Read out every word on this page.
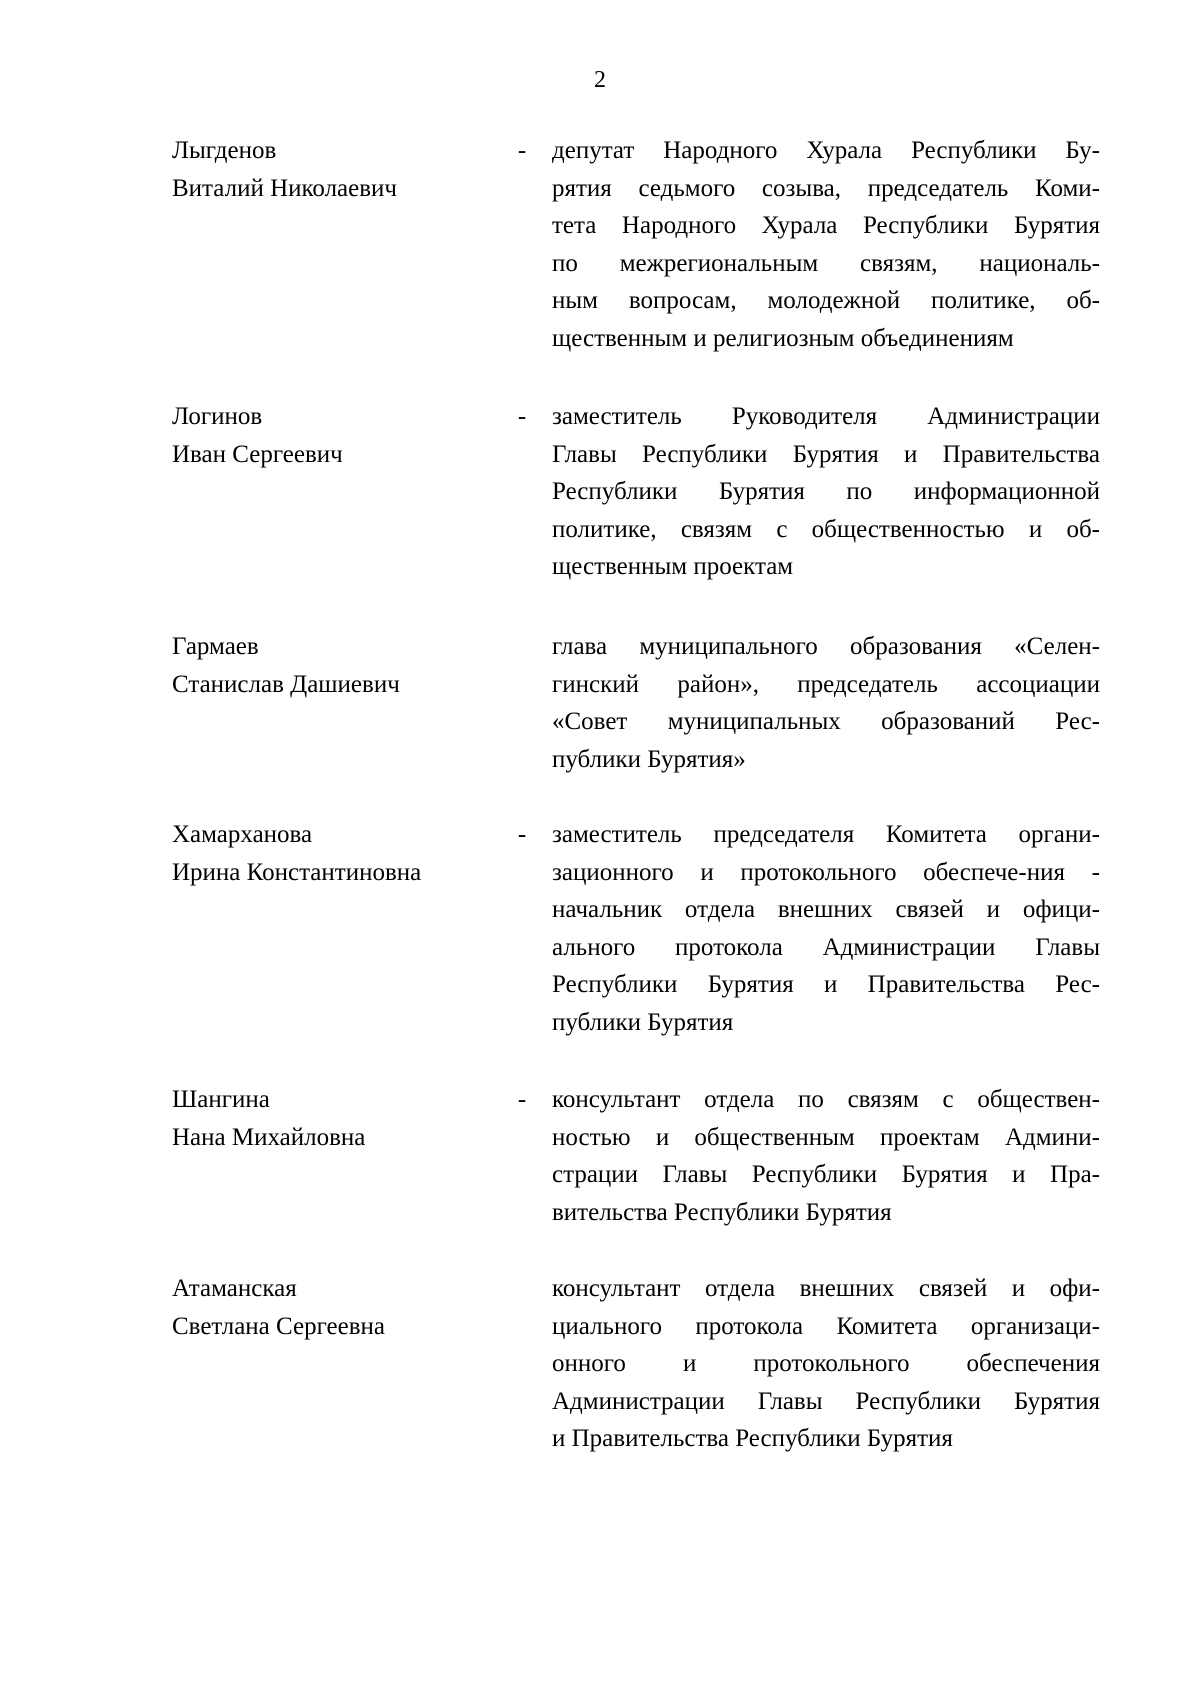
2
Лыгденов
Виталий Николаевич
- депутат Народного Хурала Республики Бу-
рятия седьмого созыва, председатель Коми-
тета Народного Хурала Республики Бурятия
по межрегиональным связям, националь-
ным вопросам, молодежной политике, об-
щественным и религиозным объединениям
Логинов
Иван Сергеевич
- заместитель Руководителя Администрации
Главы Республики Бурятия и Правительства
Республики Бурятия по информационной
политике, связям с общественностью и об-
щественным проектам
Гармаев
Станислав Дашиевич
глава муниципального образования «Селен-
гинский район», председатель ассоциации
«Совет муниципальных образований Рес-
публики Бурятия»
Хамарханова
Ирина Константиновна
- заместитель председателя Комитета органи-
зационного и протокольного обеспече-ния -
начальник отдела внешних связей и офици-
ального протокола Администрации Главы
Республики Бурятия и Правительства Рес-
публики Бурятия
Шангина
Нана Михайловна
- консультант отдела по связям с обществен-
ностью и общественным проектам Админи-
страции Главы Республики Бурятия и Пра-
вительства Республики Бурятия
Атаманская
Светлана Сергеевна
консультант отдела внешних связей и офи-
циального протокола Комитета организаци-
онного и протокольного обеспечения
Администрации Главы Республики Бурятия
и Правительства Республики Бурятия
